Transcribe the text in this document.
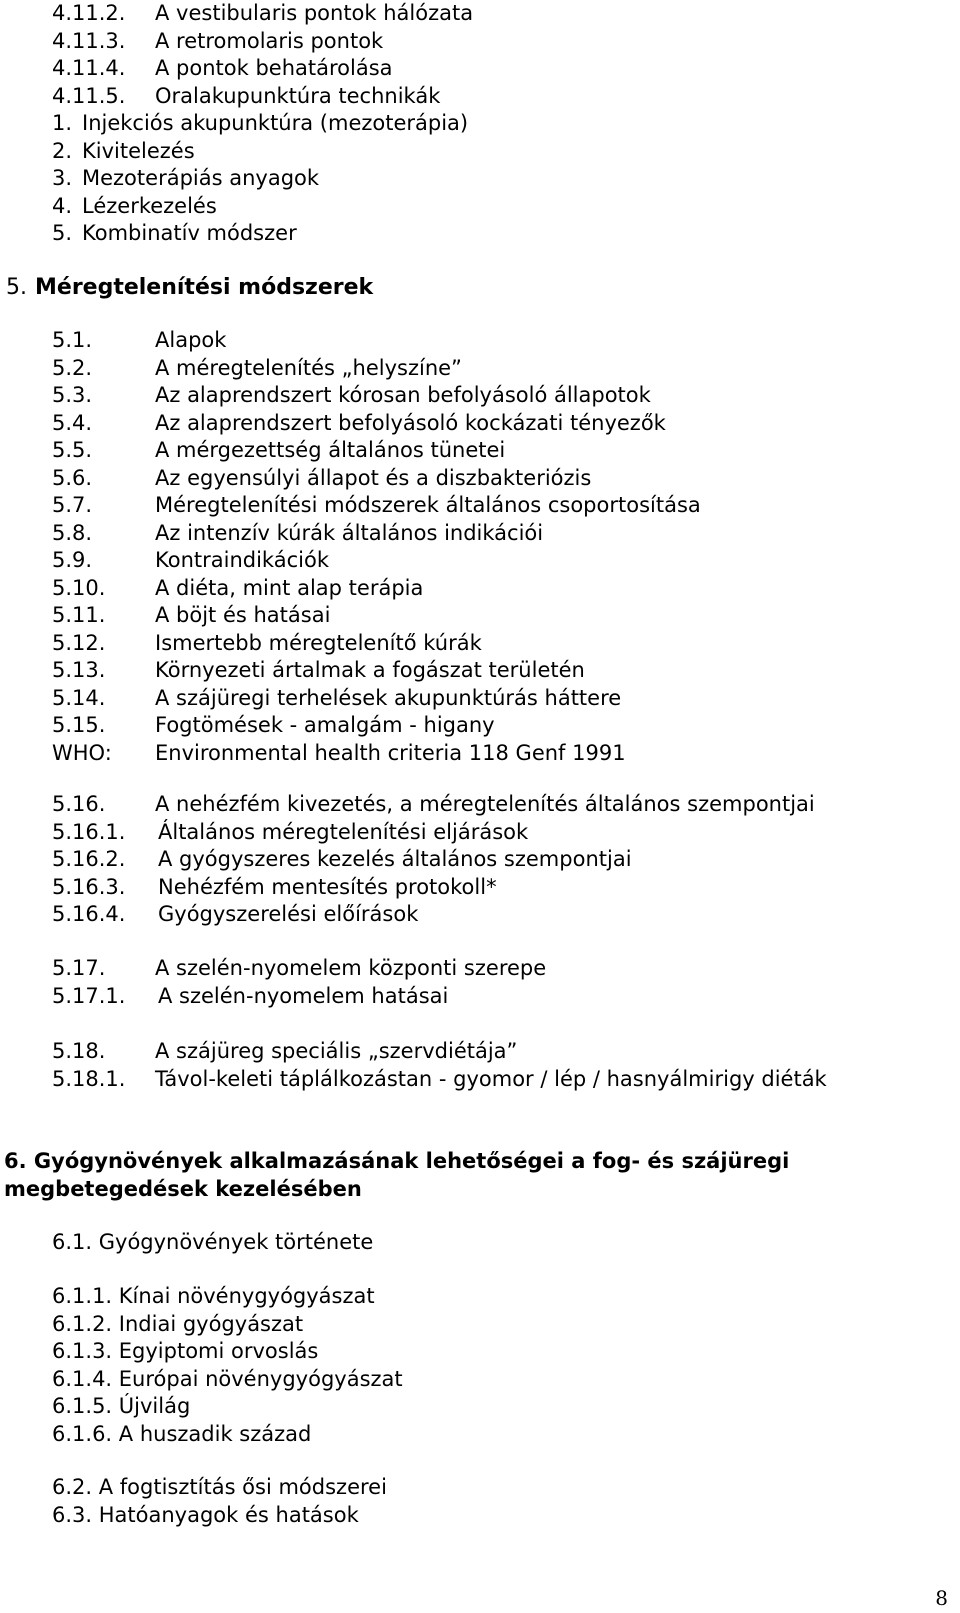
4.11.2.	A vestibularis pontok hálózata
4.11.3.	A retromolaris pontok
4.11.4.	A pontok behatárolása
4.11.5.	Oralakupunktúra technikák
1. Injekciós akupunktúra (mezoterápia)
2. Kivitelezés
3. Mezoterápiás anyagok
4. Lézerkezelés
5. Kombinatív módszer
5. Méregtelenítési módszerek
5.1.	Alapok
5.2.	A méregtelenítés „helyszíne”
5.3.	Az alaprendszert kórosan befolyásoló állapotok
5.4.	Az alaprendszert befolyásoló kockázati tényezők
5.5.	A mérgezettség általános tünetei
5.6.	Az egyensúlyi állapot és a diszbakteriózis
5.7.	Méregtelenítési módszerek általános csoportosítása
5.8.	Az intenzív kúrák általános indikációi
5.9.	Kontraindikációk
5.10.	A diéta, mint alap terápia
5.11.	A böjt és hatásai
5.12.	Ismertebb méregtelenítő kúrák
5.13.	Környezeti ártalmak a fogászat területén
5.14.	A szájüregi terhelések akupunktúrás háttere
5.15.	Fogtömések - amalgám - higany
WHO:	Environmental health criteria 118 Genf 1991
5.16.	A nehézfém kivezetés, a méregtelenítés általános szempontjai
5.16.1.	Általános méregtelenítési eljárások
5.16.2.	A gyógyszeres kezelés általános szempontjai
5.16.3.	Nehézfém mentesítés protokoll*
5.16.4.	Gyógyszerelési előírások
5.17.	A szelén-nyomelem központi szerepe
5.17.1.	A szelén-nyomelem hatásai
5.18.	A szájüreg speciális „szervdiétája”
5.18.1.	Távol-keleti táplálkozástan - gyomor / lép / hasnyálmirigy diéták
6. Gyógynövények alkalmazásának lehetőségei a fog- és szájüregi megbetegedések kezelésében
6.1. Gyógynövények története
6.1.1. Kínai növénygyógyászat
6.1.2. Indiai gyógyászat
6.1.3. Egyiptomi orvoslás
6.1.4. Európai növénygyógyászat
6.1.5. Újvilág
6.1.6. A huszadik század
6.2. A fogtisztítás ősi módszerei
6.3. Hatóanyagok és hatások
8
